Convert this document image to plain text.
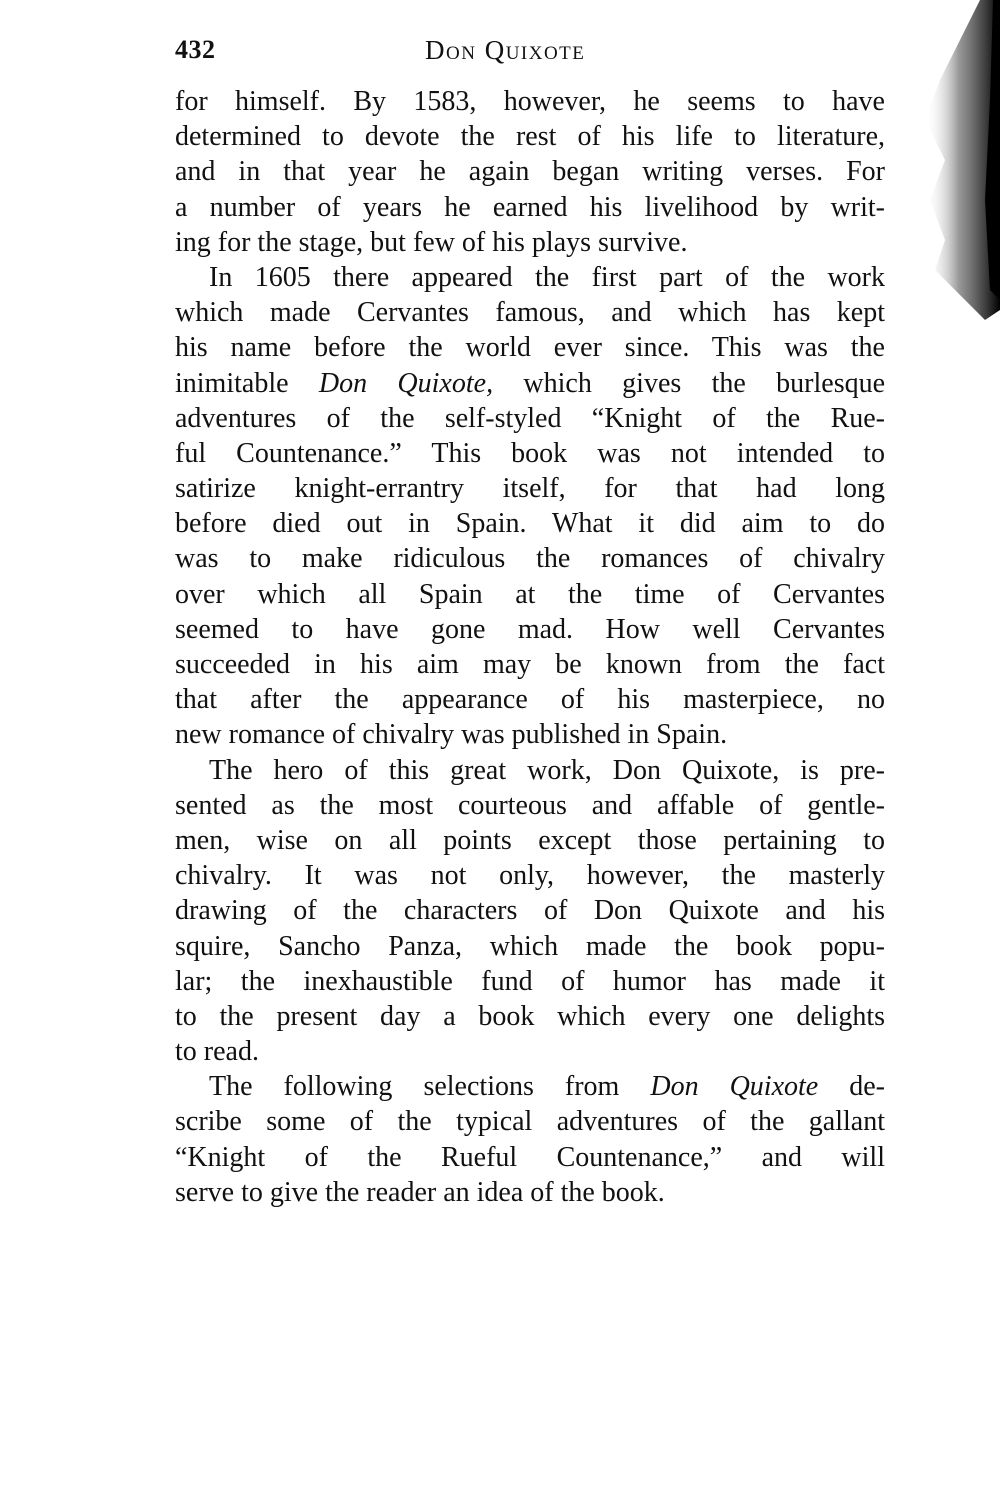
432	Don Quixote
for himself. By 1583, however, he seems to have
determined to devote the rest of his life to literature,
and in that year he again began writing verses. For
a number of years he earned his livelihood by writ-
ing for the stage, but few of his plays survive.
In 1605 there appeared the first part of the work
which made Cervantes famous, and which has kept
his name before the world ever since. This was the
inimitable Don Quixote, which gives the burlesque
adventures of the self-styled “Knight of the Rue-
ful Countenance.” This book was not intended to
satirize knight-errantry itself, for that had long
before died out in Spain. What it did aim to do
was to make ridiculous the romances of chivalry
over which all Spain at the time of Cervantes
seemed to have gone mad. How well Cervantes
succeeded in his aim may be known from the fact
that after the appearance of his masterpiece, no
new romance of chivalry was published in Spain.
The hero of this great work, Don Quixote, is pre-
sented as the most courteous and affable of gentle-
men, wise on all points except those pertaining to
chivalry. It was not only, however, the masterly
drawing of the characters of Don Quixote and his
squire, Sancho Panza, which made the book popu-
lar; the inexhaustible fund of humor has made it
to the present day a book which every one delights
to read.
The following selections from Don Quixote de-
scribe some of the typical adventures of the gallant
“Knight of the Rueful Countenance,” and will
serve to give the reader an idea of the book.
